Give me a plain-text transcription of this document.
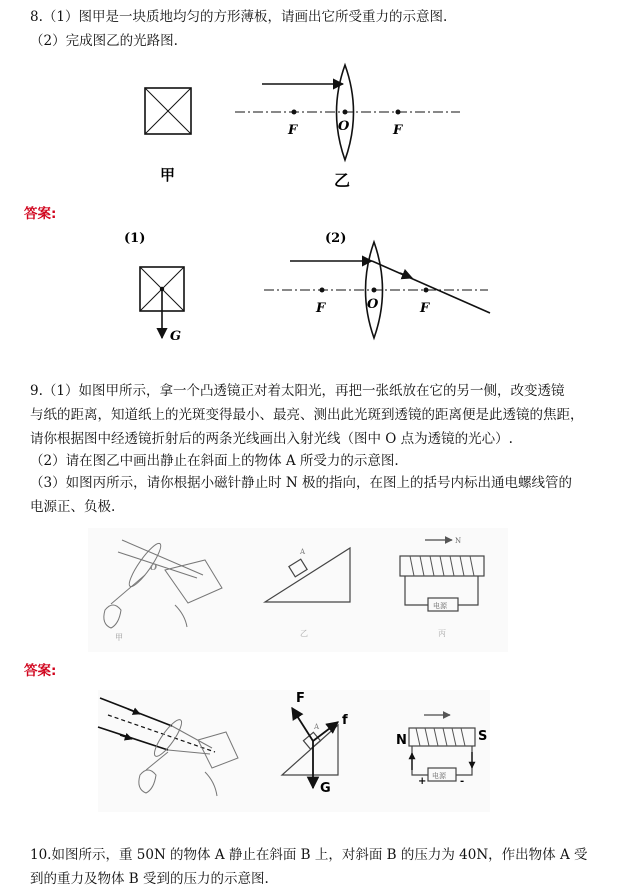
8.（1）图甲是一块质地均匀的方形薄板，请画出它所受重力的示意图.
（2）完成图乙的光路图.
甲
F	O	F
乙
(1)	(2)
G
F	O	F
甲
O
A
乙
N
电源
丙
A
F
f
G
电源
N	S
+	-
答案:
答案:
9.（1）如图甲所示，拿一个凸透镜正对着太阳光，再把一张纸放在它的另一侧，改变透镜
与纸的距离，知道纸上的光斑变得最小、最亮、测出此光斑到透镜的距离便是此透镜的焦距，
请你根据图中经透镜折射后的两条光线画出入射光线（图中 O 点为透镜的光心）.
（2）请在图乙中画出静止在斜面上的物体 A 所受力的示意图.
（3）如图丙所示，请你根据小磁针静止时 N 极的指向，在图上的括号内标出通电螺线管的
电源正、负极.
10.如图所示，重 50N 的物体 A 静止在斜面 B 上，对斜面 B 的压力为 40N，作出物体 A 受
到的重力及物体 B 受到的压力的示意图.
